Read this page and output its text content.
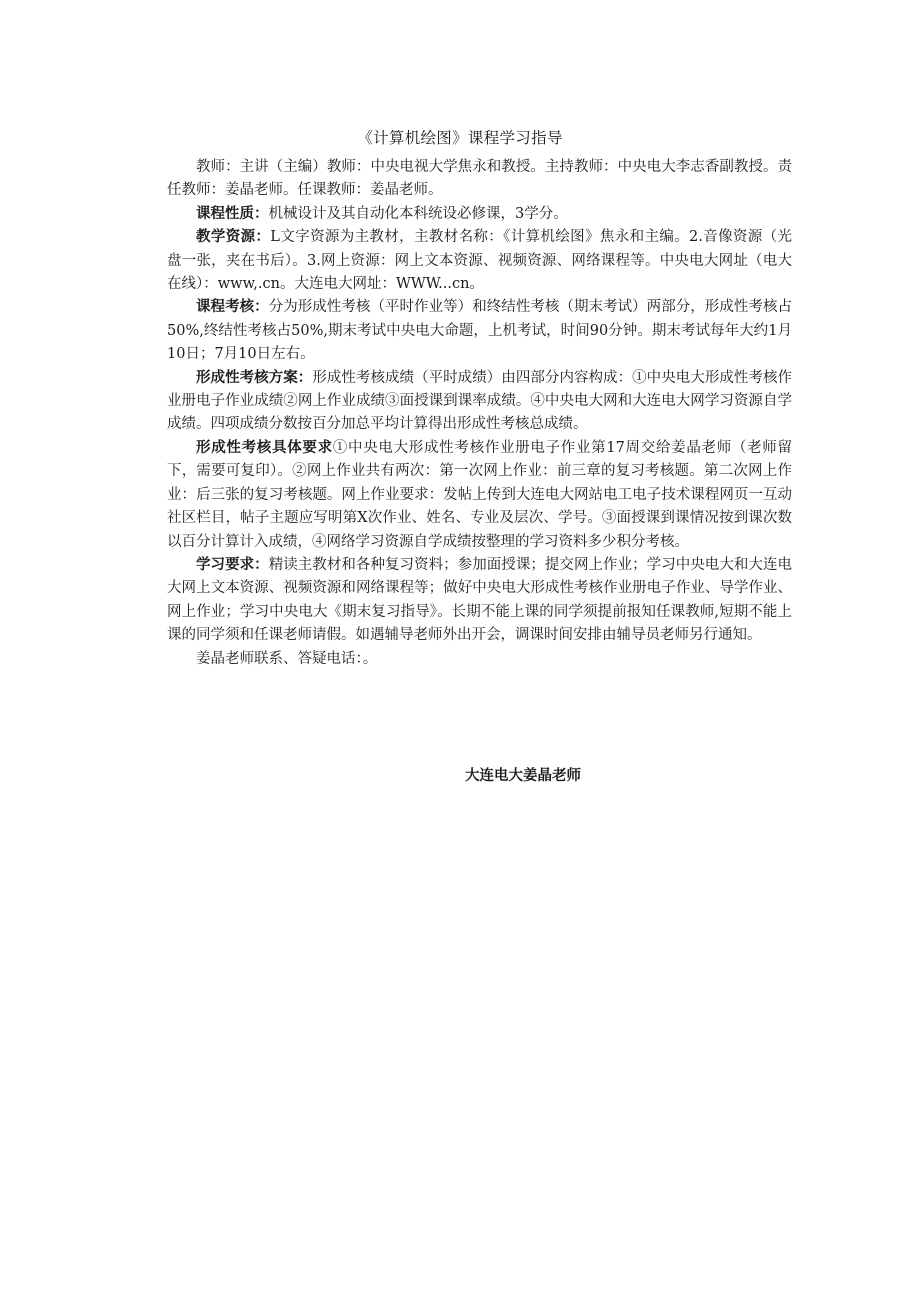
《计算机绘图》课程学习指导

教师：主讲（主编）教师：中央电视大学焦永和教授。主持教师：中央电大李志香副教授。责任教师：姜晶老师。任课教师：姜晶老师。

课程性质：机械设计及其自动化本科统设必修课，3学分。

教学资源：L文字资源为主教材，主教材名称：《计算机绘图》焦永和主编。2.音像资源（光盘一张，夹在书后）。3.网上资源：网上文本资源、视频资源、网络课程等。中央电大网址（电大在线）：www,.cn。大连电大网址：WWW...cn。

课程考核：分为形成性考核（平时作业等）和终结性考核（期末考试）两部分，形成性考核占50%,终结性考核占50%,期末考试中央电大命题，上机考试，时间90分钟。期末考试每年大约1月10日；7月10日左右。

形成性考核方案：形成性考核成绩（平时成绩）由四部分内容构成：①中央电大形成性考核作业册电子作业成绩②网上作业成绩③面授课到课率成绩。④中央电大网和大连电大网学习资源自学成绩。四项成绩分数按百分加总平均计算得出形成性考核总成绩。

形成性考核具体要求①中央电大形成性考核作业册电子作业第17周交给姜晶老师（老师留下，需要可复印）。②网上作业共有两次：第一次网上作业：前三章的复习考核题。第二次网上作业：后三张的复习考核题。网上作业要求：发帖上传到大连电大网站电工电子技术课程网页一互动社区栏目，帖子主题应写明第X次作业、姓名、专业及层次、学号。③面授课到课情况按到课次数以百分计算计入成绩，④网络学习资源自学成绩按整理的学习资料多少积分考核。

学习要求：精读主教材和各种复习资料；参加面授课；提交网上作业；学习中央电大和大连电大网上文本资源、视频资源和网络课程等；做好中央电大形成性考核作业册电子作业、导学作业、网上作业；学习中央电大《期末复习指导》。长期不能上课的同学须提前报知任课教师,短期不能上课的同学须和任课老师请假。如遇辅导老师外出开会，调课时间安排由辅导员老师另行通知。

姜晶老师联系、答疑电话：。

大连电大姜晶老师
